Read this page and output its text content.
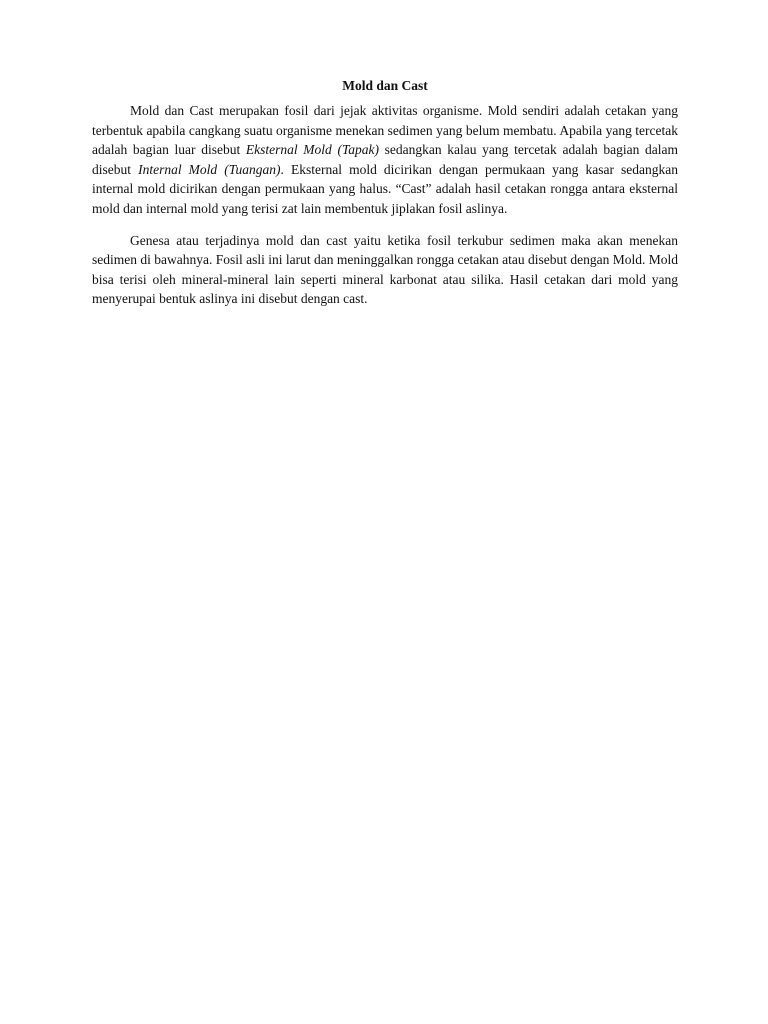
Mold dan Cast

Mold dan Cast merupakan fosil dari jejak aktivitas organisme. Mold sendiri adalah cetakan yang terbentuk apabila cangkang suatu organisme menekan sedimen yang belum membatu. Apabila yang tercetak adalah bagian luar disebut Eksternal Mold (Tapak) sedangkan kalau yang tercetak adalah bagian dalam disebut Internal Mold (Tuangan). Eksternal mold dicirikan dengan permukaan yang kasar sedangkan internal mold dicirikan dengan permukaan yang halus. “Cast” adalah hasil cetakan rongga antara eksternal mold dan internal mold yang terisi zat lain membentuk jiplakan fosil aslinya.

Genesa atau terjadinya mold dan cast yaitu ketika fosil terkubur sedimen maka akan menekan sedimen di bawahnya. Fosil asli ini larut dan meninggalkan rongga cetakan atau disebut dengan Mold. Mold bisa terisi oleh mineral-mineral lain seperti mineral karbonat atau silika. Hasil cetakan dari mold yang menyerupai bentuk aslinya ini disebut dengan cast.
